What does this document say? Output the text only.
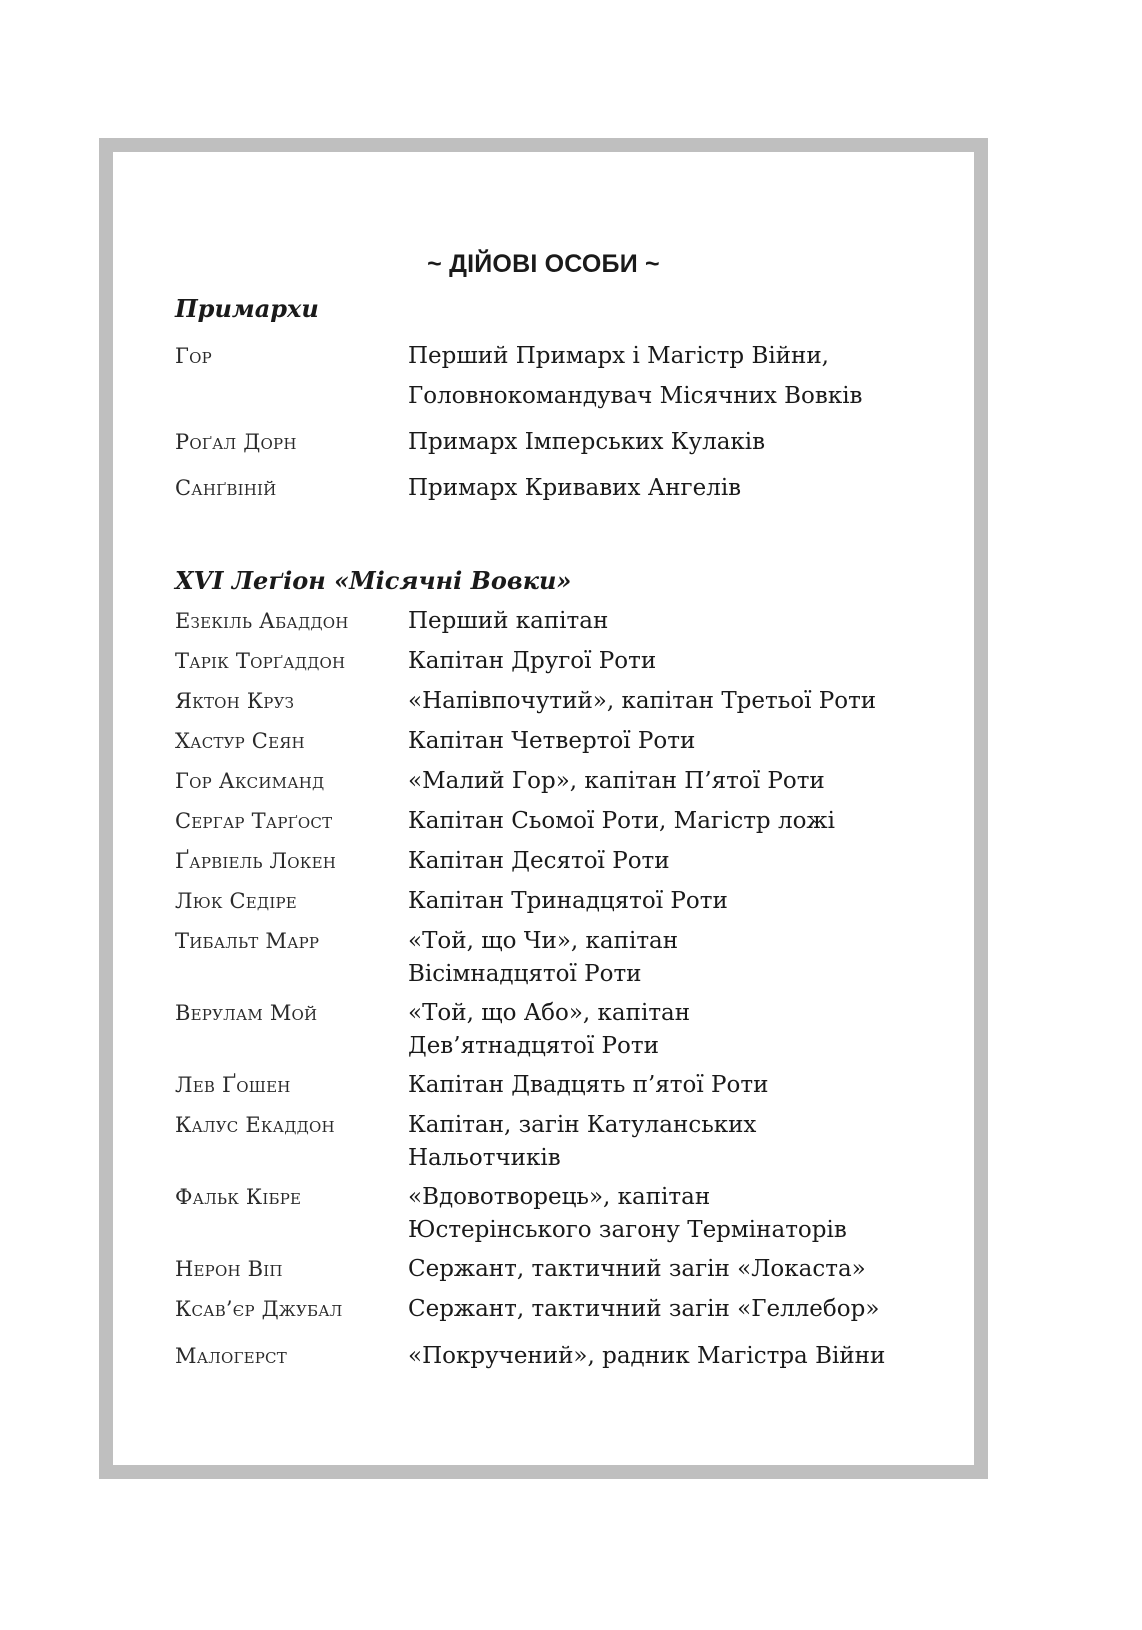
~ ДІЙОВІ ОСОБИ ~
Примархи
Гор	Перший Примарх і Магістр Війни,
Головнокомандувач Місячних Вовків
Роґал Дорн	Примарх Імперських Кулаків
Санґвіній	Примарх Кривавих Ангелів
XVI Леґіон «Місячні Вовки»
Езекіль Абаддон	Перший капітан
Тарік Торґаддон	Капітан Другої Роти
Яктон Круз	«Напівпочутий», капітан Третьої Роти
Хастур Сеян	Капітан Четвертої Роти
Гор Аксиманд	«Малий Гор», капітан П’ятої Роти
Сергар Тарґост	Капітан Сьомої Роти, Магістр ложі
Ґарвіель Локен	Капітан Десятої Роти
Люк Седіре	Капітан Тринадцятої Роти
Тибальт Марр	«Той, що Чи», капітан
Вісімнадцятої Роти
Верулам Мой	«Той, що Або», капітан
Дев’ятнадцятої Роти
Лев Ґошен	Капітан Двадцять п’ятої Роти
Калус Екаддон	Капітан, загін Катуланських
Нальотчиків
Фальк Кібре	«Вдовотворець», капітан
Юстерінського загону Термінаторів
Нерон Віп	Сержант, тактичний загін «Локаста»
Ксав’єр Джубал	Сержант, тактичний загін «Геллебор»
Малогерст	«Покручений», радник Магістра Війни
